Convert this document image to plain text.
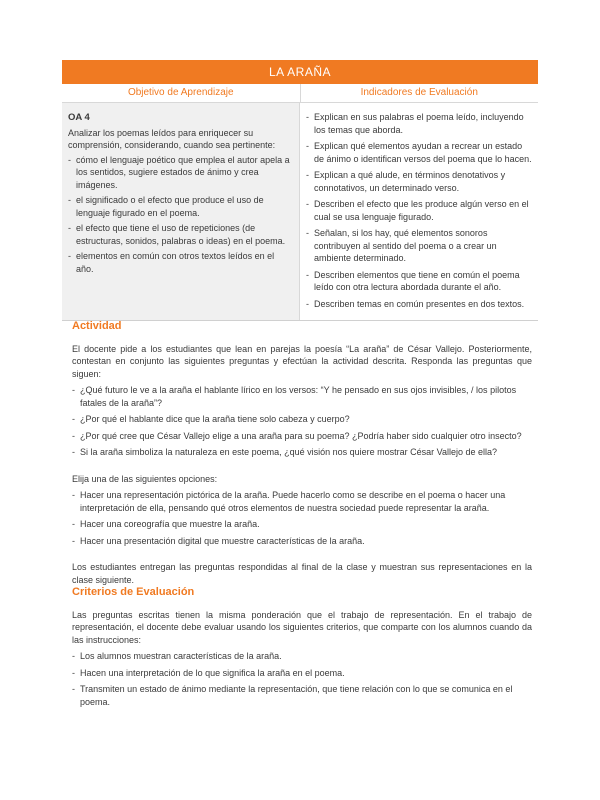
LA ARAÑA
Objetivo de Aprendizaje	Indicadores de Evaluación
OA 4

Analizar los poemas leídos para enriquecer su comprensión, considerando, cuando sea pertinente:

- cómo el lenguaje poético que emplea el autor apela a los sentidos, sugiere estados de ánimo y crea imágenes.
- el significado o el efecto que produce el uso de lenguaje figurado en el poema.
- el efecto que tiene el uso de repeticiones (de estructuras, sonidos, palabras o ideas) en el poema.
- elementos en común con otros textos leídos en el año.
- Explican en sus palabras el poema leído, incluyendo los temas que aborda.
- Explican qué elementos ayudan a recrear un estado de ánimo o identifican versos del poema que lo hacen.
- Explican a qué alude, en términos denotativos y connotativos, un determinado verso.
- Describen el efecto que les produce algún verso en el cual se usa lenguaje figurado.
- Señalan, si los hay, qué elementos sonoros contribuyen al sentido del poema o a crear un ambiente determinado.
- Describen elementos que tiene en común el poema leído con otra lectura abordada durante el año.
- Describen temas en común presentes en dos textos.
Actividad

El docente pide a los estudiantes que lean en parejas la poesía “La araña” de César Vallejo. Posteriormente, contestan en conjunto las siguientes preguntas y efectúan la actividad descrita. Responda las preguntas que siguen:

- ¿Qué futuro le ve a la araña el hablante lírico en los versos: “Y he pensado en sus ojos invisibles, / los pilotos fatales de la araña”?
- ¿Por qué el hablante dice que la araña tiene solo cabeza y cuerpo?
- ¿Por qué cree que César Vallejo elige a una araña para su poema? ¿Podría haber sido cualquier otro insecto?
- Si la araña simboliza la naturaleza en este poema, ¿qué visión nos quiere mostrar César Vallejo de ella?

Elija una de las siguientes opciones:

- Hacer una representación pictórica de la araña. Puede hacerlo como se describe en el poema o hacer una interpretación de ella, pensando qué otros elementos de nuestra sociedad puede representar la araña.
- Hacer una coreografía que muestre la araña.
- Hacer una presentación digital que muestre características de la araña.

Los estudiantes entregan las preguntas respondidas al final de la clase y muestran sus representaciones en la clase siguiente.

Criterios de Evaluación

Las preguntas escritas tienen la misma ponderación que el trabajo de representación. En el trabajo de representación, el docente debe evaluar usando los siguientes criterios, que comparte con los alumnos cuando da las instrucciones:

- Los alumnos muestran características de la araña.
- Hacen una interpretación de lo que significa la araña en el poema.
- Transmiten un estado de ánimo mediante la representación, que tiene relación con lo que se comunica en el poema.
